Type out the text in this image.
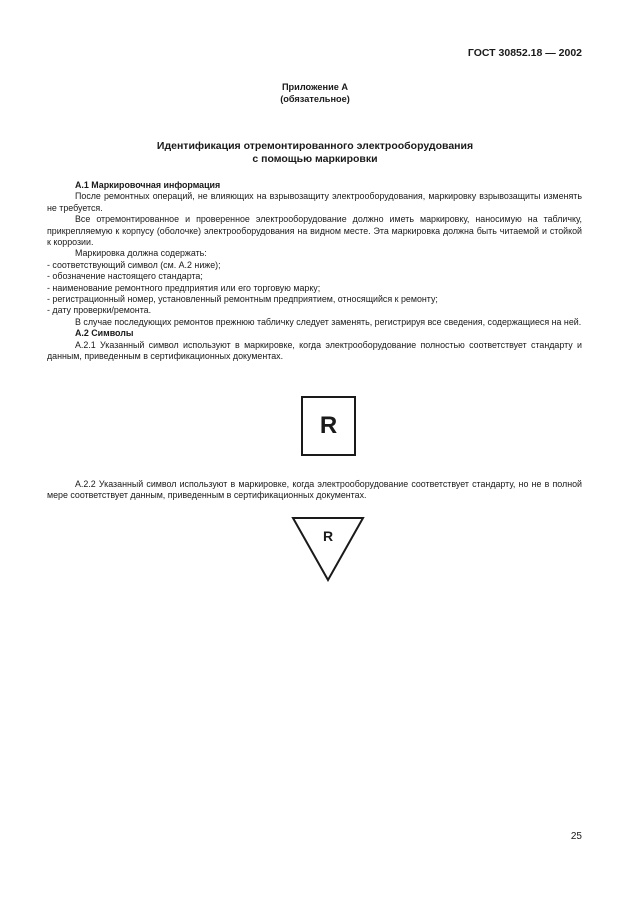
ГОСТ 30852.18 — 2002
Приложение А
(обязательное)
Идентификация отремонтированного электрооборудования
с помощью маркировки

А.1 Маркировочная информация

После ремонтных операций, не влияющих на взрывозащиту электрооборудования, маркировку взрывозащиты изменять не требуется.

Все отремонтированное и проверенное электрооборудование должно иметь маркировку, наносимую на табличку, прикрепляемую к корпусу (оболочке) электрооборудования на видном месте. Эта маркировка должна быть читаемой и стойкой к коррозии.

Маркировка должна содержать:

- соответствующий символ (см. А.2 ниже);

- обозначение настоящего стандарта;

- наименование ремонтного предприятия или его торговую марку;

- регистрационный номер, установленный ремонтным предприятием, относящийся к ремонту;

- дату проверки/ремонта.

В случае последующих ремонтов прежнюю табличку следует заменять, регистрируя все сведения, содержащиеся на ней.

А.2 Символы

А.2.1 Указанный символ используют в маркировке, когда электрооборудование полностью соответствует стандарту и данным, приведенным в сертификационных документах.

R

А.2.2 Указанный символ используют в маркировке, когда электрооборудование соответствует стандарту, но не в полной мере соответствует данным, приведенным в сертификационных документах.

R
25
